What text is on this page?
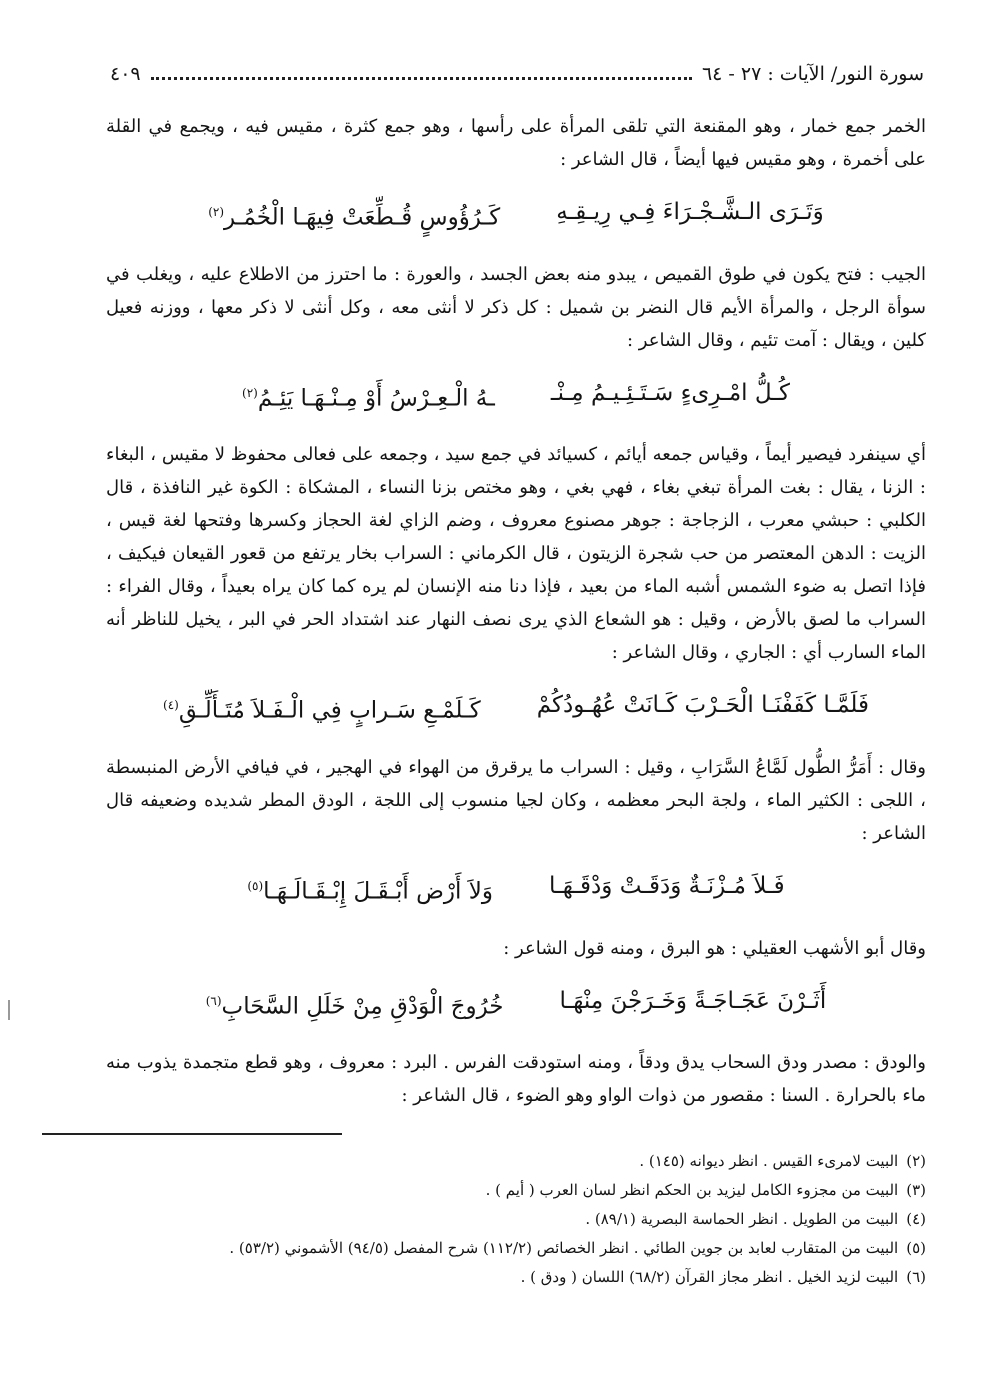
سورة النور/ الآيات : ٢٧ - ٦٤
٤٠٩

الخمر جمع خمار ، وهو المقنعة التي تلقى المرأة على رأسها ، وهو جمع كثرة ، مقيس فيه ، ويجمع في القلة على أخمرة ، وهو مقيس فيها أيضاً ، قال الشاعر :

وَتَـرَى الـشَّـجْـرَاءَ فِـي رِيـقِـهِ
كَـرُؤُوسٍ قُـطِّعَتْ فِيهَـا الْخُمُـر$^{(٢)}$

الجيب : فتح يكون في طوق القميص ، يبدو منه بعض الجسد ، والعورة : ما احترز من الاطلاع عليه ، ويغلب في سوأة الرجل ، والمرأة الأيم قال النضر بن شميل : كل ذكر لا أنثى معه ، وكل أنثى لا ذكر معها ، ووزنه فعيل كلين ، ويقال : آمت تئيم ، وقال الشاعر :

كُـلُّ امْـرِىءٍ سَـتَـئِـيـمُ مِـنْـ
ـهُ الْـعِـرْسُ أَوْ مِـنْـهَـا يَئِـمُ$^{(٢)}$

أي سينفرد فيصير أيماً ، وقياس جمعه أيائم ، كسيائد في جمع سيد ، وجمعه على فعالى محفوظ لا مقيس ، البغاء : الزنا ، يقال : بغت المرأة تبغي بغاء ، فهي بغي ، وهو مختص بزنا النساء ، المشكاة : الكوة غير النافذة ، قال الكلبي : حبشي معرب ، الزجاجة : جوهر مصنوع معروف ، وضم الزاي لغة الحجاز وكسرها وفتحها لغة قيس ، الزيت : الدهن المعتصر من حب شجرة الزيتون ، قال الكرماني : السراب بخار يرتفع من قعور القيعان فيكيف ، فإذا اتصل به ضوء الشمس أشبه الماء من بعيد ، فإذا دنا منه الإنسان لم يره كما كان يراه بعيداً ، وقال الفراء : السراب ما لصق بالأرض ، وقيل : هو الشعاع الذي يرى نصف النهار عند اشتداد الحر في البر ، يخيل للناظر أنه الماء السارب أي : الجاري ، وقال الشاعر :

فَلَمَّـا كَفَفْنَـا الْحَـرْبَ كَـانَتْ عُهُـودُكُمْ
كَـلَمْـعِ سَـرابٍ فِي الْـفَـلاَ مُتَـأَلِّـقِ$^{(٤)}$

وقال : أَمَرُّ الطُّول لَمَّاعُ السَّرَابِ ، وقيل : السراب ما يرقرق من الهواء في الهجير ، في فيافي الأرض المنبسطة ، اللجى : الكثير الماء ، ولجة البحر معظمه ، وكان لجيا منسوب إلى اللجة ، الودق المطر شديده وضعيفه قال الشاعر :

فَـلاَ مُـزْنَـةٌ وَدَقَـتْ وَدْقَـهَـا
وَلاَ أَرْض أَبْـقَـلَ إِبْـقَـالَـهَـا$^{(٥)}$

وقال أبو الأشهب العقيلي : هو البرق ، ومنه قول الشاعر :

أَثَـرْنَ عَجَـاجَـةً وَخَـرَجْنَ مِنْهَـا
خُرُوجَ الْوَدْقِ مِنْ خَلَلِ السَّحَابِ$^{(٦)}$

والودق : مصدر ودق السحاب يدق ودقاً ، ومنه استودقت الفرس . البرد : معروف ، وهو قطع متجمدة يذوب منه ماء بالحرارة . السنا : مقصور من ذوات الواو وهو الضوء ، قال الشاعر :

(٢)البيت لامرىء القيس . انظر ديوانه (١٤٥) .

(٣)البيت من مجزوء الكامل ليزيد بن الحكم انظر لسان العرب ( أيم ) .

(٤)البيت من الطويل . انظر الحماسة البصرية (٨٩/١) .

(٥)البيت من المتقارب لعابد بن جوين الطائي . انظر الخصائص (١١٢/٢) شرح المفصل (٩٤/٥) الأشموني (٥٣/٢) .

(٦)البيت لزيد الخيل . انظر مجاز القرآن (٦٨/٢) اللسان ( ودق ) .
